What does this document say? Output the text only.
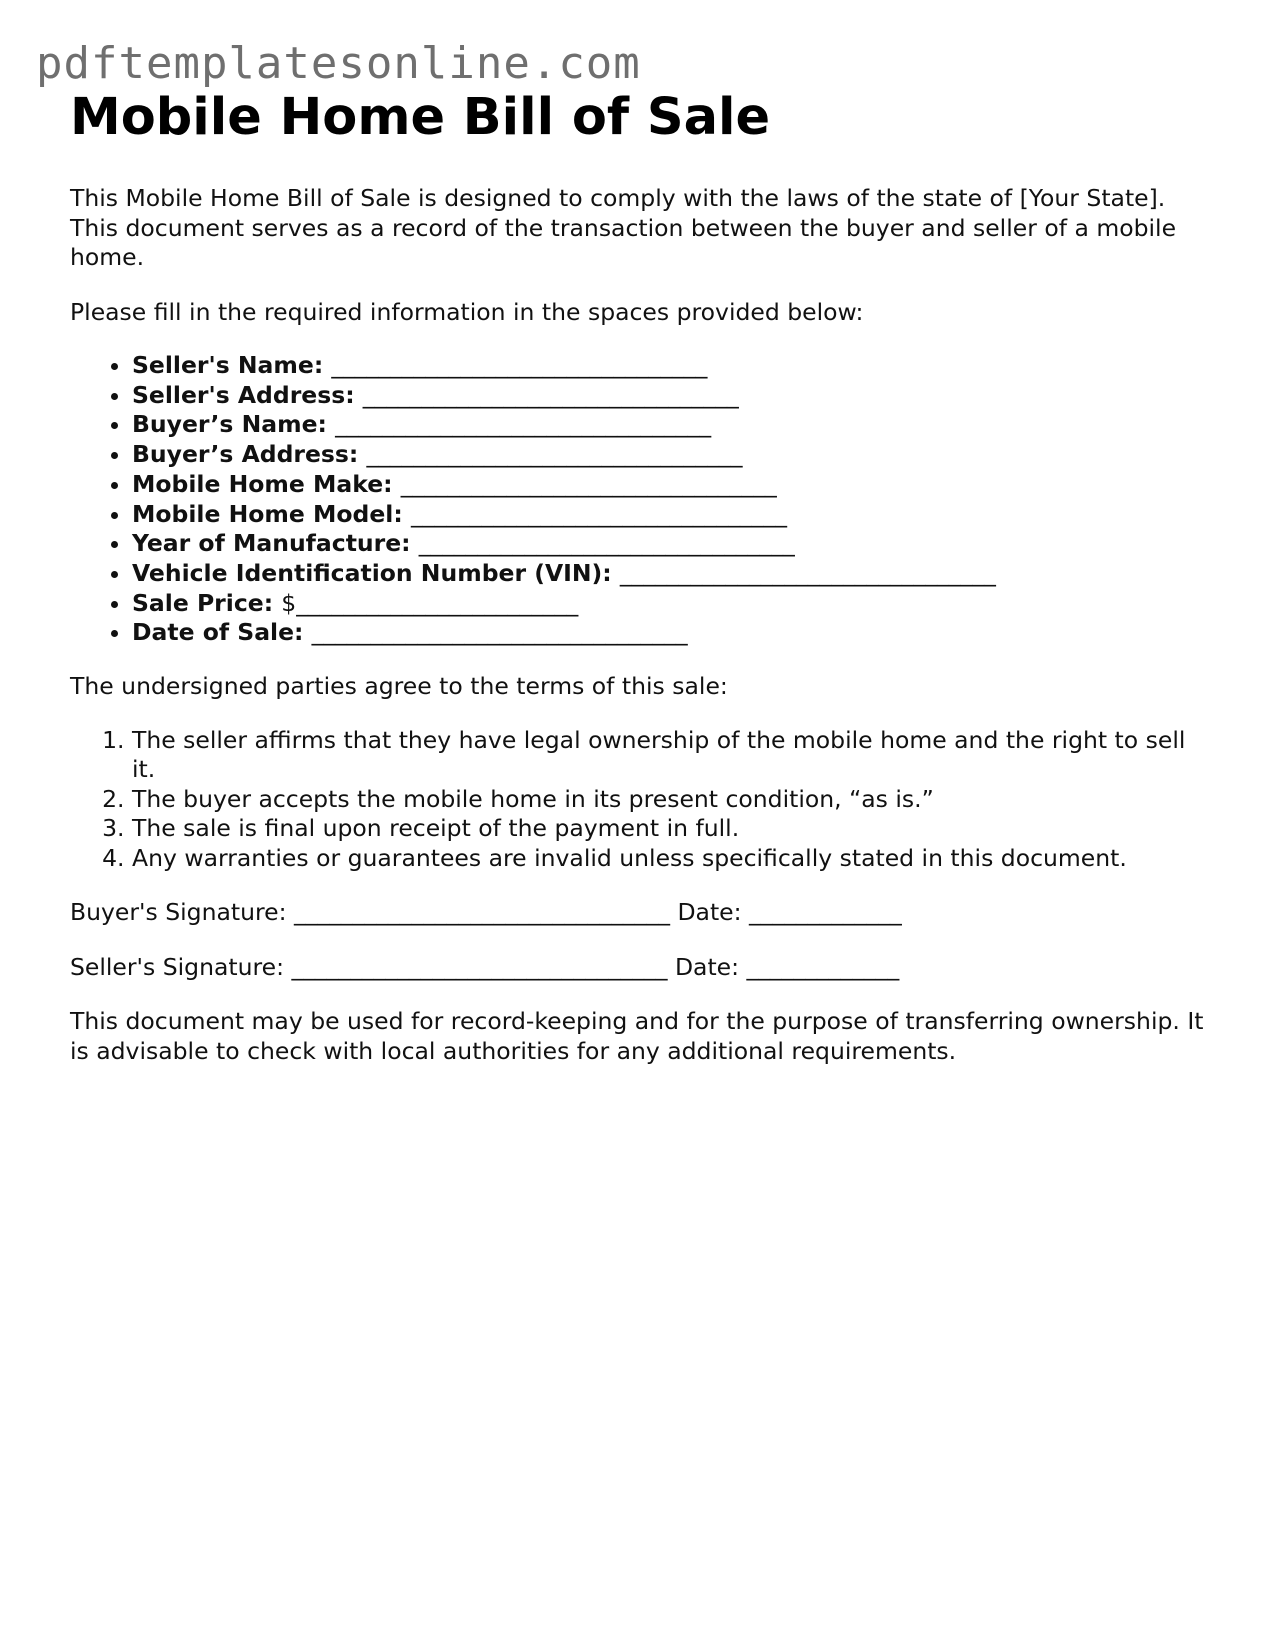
pdftemplatesonline.com
Mobile Home Bill of Sale

This Mobile Home Bill of Sale is designed to comply with the laws of the state of [Your State]. This document serves as a record of the transaction between the buyer and seller of a mobile home.

Please fill in the required information in the spaces provided below:

• Seller's Name: ________________________________
• Seller's Address: ________________________________
• Buyer’s Name: ________________________________
• Buyer’s Address: ________________________________
• Mobile Home Make: ________________________________
• Mobile Home Model: ________________________________
• Year of Manufacture: ________________________________
• Vehicle Identification Number (VIN): ________________________________
• Sale Price: $________________________
• Date of Sale: ________________________________

The undersigned parties agree to the terms of this sale:

1. The seller affirms that they have legal ownership of the mobile home and the right to sell it.
2. The buyer accepts the mobile home in its present condition, “as is.”
3. The sale is final upon receipt of the payment in full.
4. Any warranties or guarantees are invalid unless specifically stated in this document.

Buyer's Signature: ________________________________ Date: _____________

Seller's Signature: ________________________________ Date: _____________

This document may be used for record-keeping and for the purpose of transferring ownership. It is advisable to check with local authorities for any additional requirements.
